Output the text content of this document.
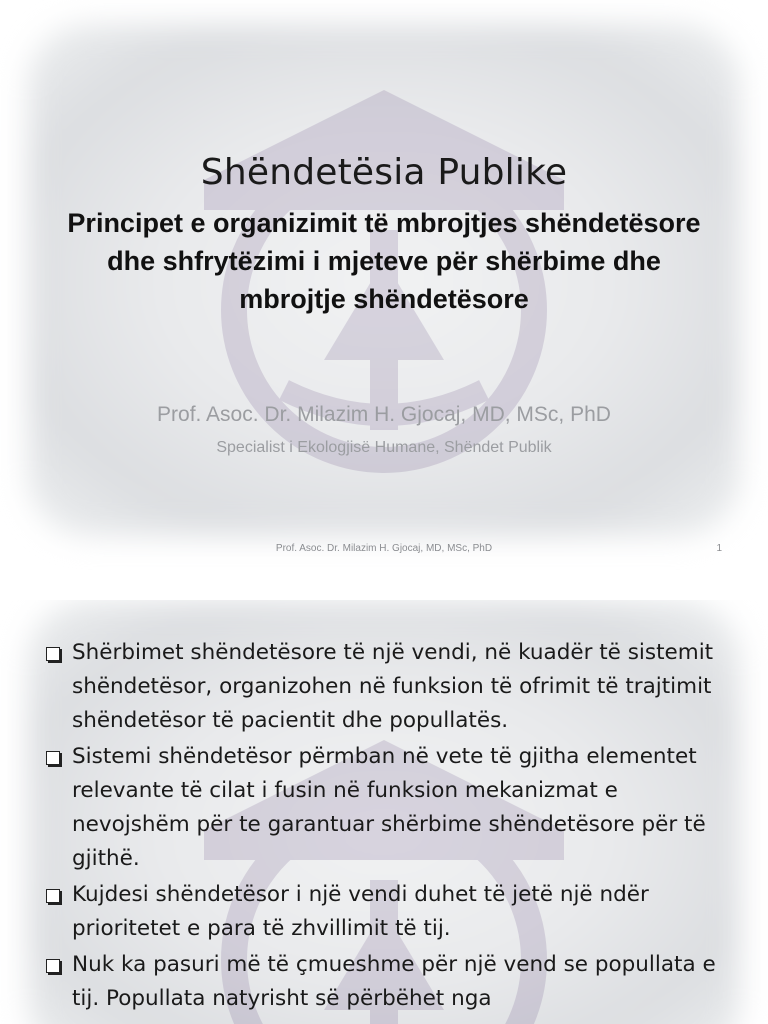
Shëndetësia Publike
Principet e organizimit të mbrojtjes shëndetësore dhe shfrytëzimi i mjeteve për shërbime dhe mbrojtje shëndetësore
Prof. Asoc. Dr. Milazim H. Gjocaj, MD, MSc, PhD
Specialist i Ekologjisë Humane, Shëndet Publik
Prof. Asoc. Dr. Milazim H. Gjocaj, MD, MSc, PhD	1
Shërbimet shëndetësore të një vendi, në kuadër të sistemit shëndetësor, organizohen në funksion të ofrimit të trajtimit shëndetësor të pacientit dhe popullatës.
Sistemi shëndetësor përmban në vete të gjitha elementet relevante të cilat i fusin në funksion mekanizmat e nevojshëm për te garantuar shërbime shëndetësore për të gjithë.
Kujdesi shëndetësor i një vendi duhet të jetë një ndër prioritetet e para të zhvillimit të tij.
Nuk ka pasuri më të çmueshme për një vend se popullata e tij. Popullata natyrisht së përbëhet nga
